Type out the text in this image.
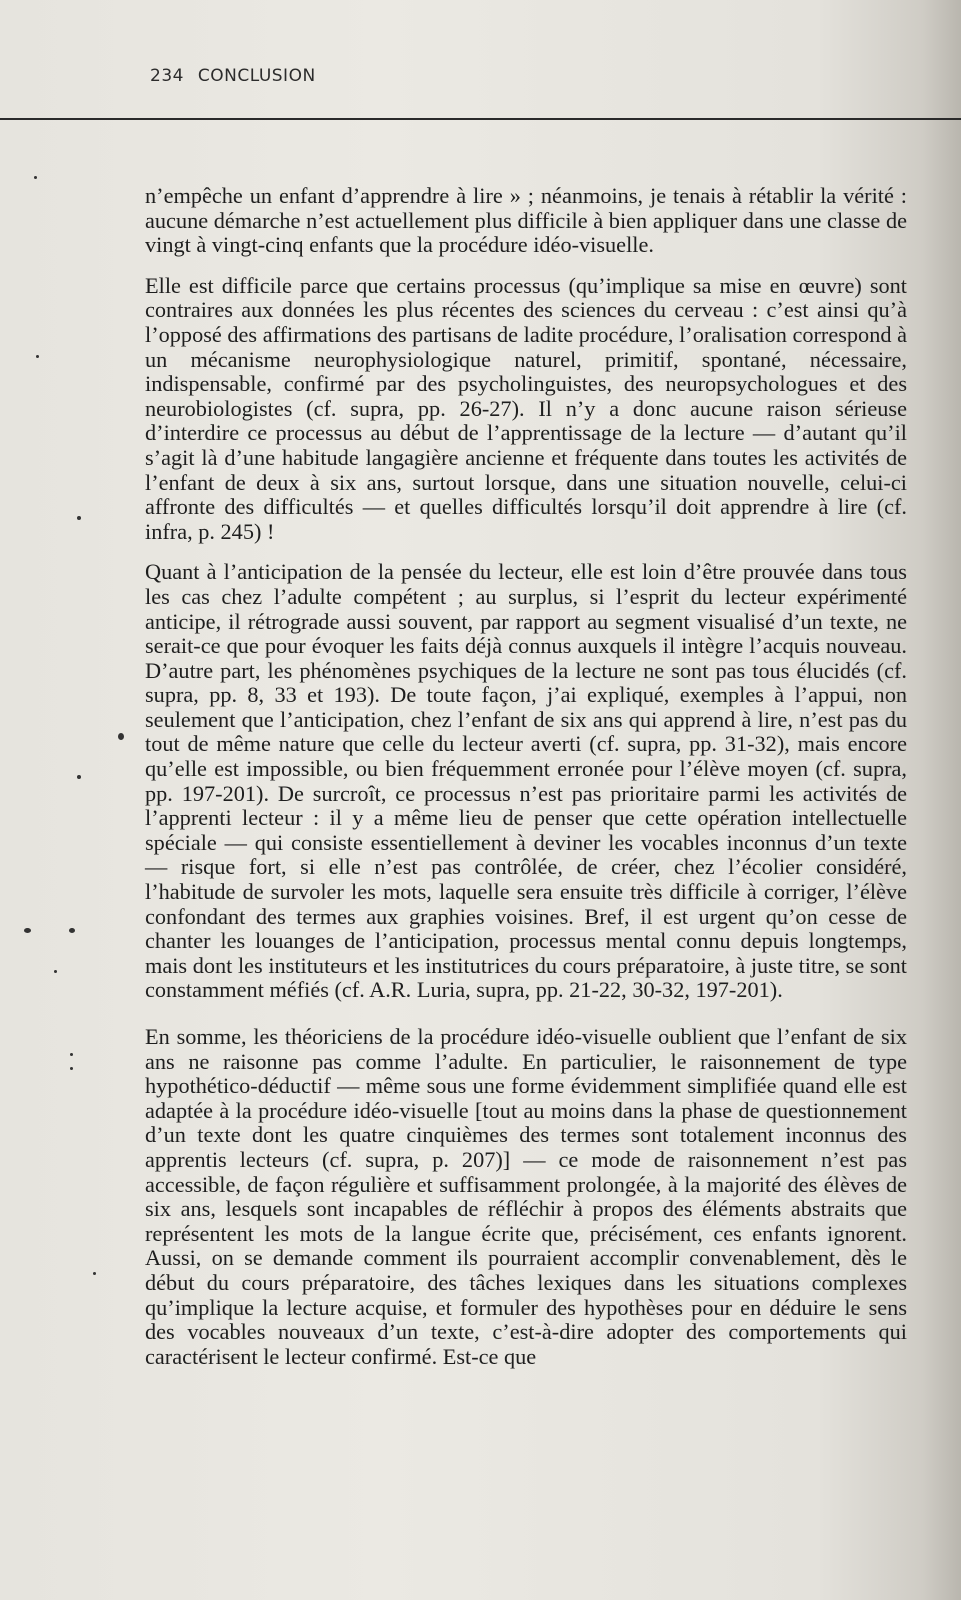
234 CONCLUSION

n’empêche un enfant d’apprendre à lire » ; néanmoins, je tenais à rétablir la vérité : aucune démarche n’est actuellement plus difficile à bien appliquer dans une classe de vingt à vingt-cinq enfants que la procédure idéo-visuelle.

Elle est difficile parce que certains processus (qu’implique sa mise en œuvre) sont contraires aux données les plus récentes des sciences du cerveau : c’est ainsi qu’à l’opposé des affirmations des partisans de ladite procédure, l’oralisation correspond à un mécanisme neurophysiologique naturel, primitif, spontané, nécessaire, indispensable, confirmé par des psycholinguistes, des neuropsychologues et des neurobiologistes (cf. supra, pp. 26-27). Il n’y a donc aucune raison sérieuse d’interdire ce processus au début de l’apprentissage de la lecture — d’autant qu’il s’agit là d’une habitude langagière ancienne et fréquente dans toutes les activités de l’enfant de deux à six ans, surtout lorsque, dans une situation nouvelle, celui-ci affronte des difficultés — et quelles difficultés lorsqu’il doit apprendre à lire (cf. infra, p. 245) !

Quant à l’anticipation de la pensée du lecteur, elle est loin d’être prouvée dans tous les cas chez l’adulte compétent ; au surplus, si l’esprit du lecteur expérimenté anticipe, il rétrograde aussi souvent, par rapport au segment visualisé d’un texte, ne serait-ce que pour évoquer les faits déjà connus auxquels il intègre l’acquis nouveau. D’autre part, les phénomènes psychiques de la lecture ne sont pas tous élucidés (cf. supra, pp. 8, 33 et 193). De toute façon, j’ai expliqué, exemples à l’appui, non seulement que l’anticipation, chez l’enfant de six ans qui apprend à lire, n’est pas du tout de même nature que celle du lecteur averti (cf. supra, pp. 31-32), mais encore qu’elle est impossible, ou bien fréquemment erronée pour l’élève moyen (cf. supra, pp. 197-201). De surcroît, ce processus n’est pas prioritaire parmi les activités de l’apprenti lecteur : il y a même lieu de penser que cette opération intellectuelle spéciale — qui consiste essentiellement à deviner les vocables inconnus d’un texte — risque fort, si elle n’est pas contrôlée, de créer, chez l’écolier considéré, l’habitude de survoler les mots, laquelle sera ensuite très difficile à corriger, l’élève confondant des termes aux graphies voisines. Bref, il est urgent qu’on cesse de chanter les louanges de l’anticipation, processus mental connu depuis longtemps, mais dont les instituteurs et les institutrices du cours préparatoire, à juste titre, se sont constamment méfiés (cf. A.R. Luria, supra, pp. 21-22, 30-32, 197-201).

En somme, les théoriciens de la procédure idéo-visuelle oublient que l’enfant de six ans ne raisonne pas comme l’adulte. En particulier, le raisonnement de type hypothético-déductif — même sous une forme évidemment simplifiée quand elle est adaptée à la procédure idéo-visuelle [tout au moins dans la phase de questionnement d’un texte dont les quatre cinquièmes des termes sont totalement inconnus des apprentis lecteurs (cf. supra, p. 207)] — ce mode de raisonnement n’est pas accessible, de façon régulière et suffisamment prolongée, à la majorité des élèves de six ans, lesquels sont incapables de réfléchir à propos des éléments abstraits que représentent les mots de la langue écrite que, précisément, ces enfants ignorent. Aussi, on se demande comment ils pourraient accomplir convenablement, dès le début du cours préparatoire, des tâches lexiques dans les situations complexes qu’implique la lecture acquise, et formuler des hypothèses pour en déduire le sens des vocables nouveaux d’un texte, c’est-à-dire adopter des comportements qui caractérisent le lecteur confirmé. Est-ce que
